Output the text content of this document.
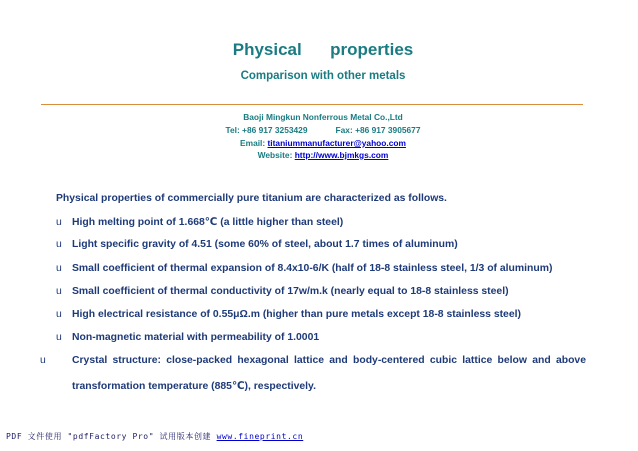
Physical properties
Comparison with other metals
Baoji Mingkun Nonferrous Metal Co.,Ltd
Tel: +86 917 3253429	Fax: +86 917 3905677
Email: titaniummanufacturer@yahoo.com
Website: http://www.bjmkgs.com
Physical properties of commercially pure titanium are characterized as follows.
u High melting point of 1.668℃ (a little higher than steel)
u Light specific gravity of 4.51 (some 60% of steel, about 1.7 times of aluminum)
u Small coefficient of thermal expansion of 8.4x10-6/K (half of 18-8 stainless steel, 1/3 of aluminum)
u Small coefficient of thermal conductivity of 17w/m.k (nearly equal to 18-8 stainless steel)
u High electrical resistance of 0.55μΩ.m (higher than pure metals except 18-8 stainless steel)
u Non-magnetic material with permeability of 1.0001
u	Crystal structure: close-packed hexagonal lattice and body-centered cubic lattice below and above
transformation temperature (885℃), respectively.
PDF 文件使用 "pdfFactory Pro" 试用版本创建 www.fineprint.cn
